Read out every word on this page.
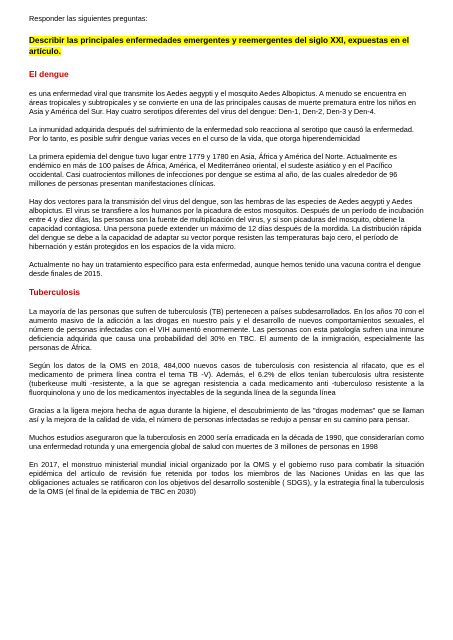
Responder las siguientes preguntas:

Describir las principales enfermedades emergentes y reemergentes del siglo XXI, expuestas en el artículo.

El dengue

es una enfermedad viral que transmite los Aedes aegypti y el mosquito Aedes Albopictus. A menudo se encuentra en áreas tropicales y subtropicales y se convierte en una de las principales causas de muerte prematura entre los niños en Asia y América del Sur. Hay cuatro serotipos diferentes del virus del dengue: Den-1, Den-2, Den-3 y Den-4.

La inmunidad adquirida después del sufrimiento de la enfermedad solo reacciona al serotipo que causó la enfermedad. Por lo tanto, es posible sufrir dengue varias veces en el curso de la vida, que otorga hiperendemicidad

La primera epidemia del dengue tuvo lugar entre 1779 y 1780 en Asia, África y América del Norte. Actualmente es endémico en más de 100 países de África, América, el Mediterráneo oriental, el sudeste asiático y en el Pacífico occidental. Casi cuatrocientos millones de infecciones por dengue se estima al año, de las cuales alrededor de 96 millones de personas presentan manifestaciones clínicas.

Hay dos vectores para la transmisión del virus del dengue, son las hembras de las especies de Aedes aegypti y Aedes albopictus. El virus se transfiere a los humanos por la picadura de estos mosquitos. Después de un período de incubación entre 4 y diez días, las personas son la fuente de multiplicación del virus, y si son picaduras del mosquito, obtiene la capacidad contagiosa. Una persona puede extender un máximo de 12 días después de la mordida. La distribución rápida del dengue se debe a la capacidad de adaptar su vector porque resisten las temperaturas bajo cero, el período de hibernación y están protegidos en los espacios de la vida micro.

Actualmente no hay un tratamiento específico para esta enfermedad, aunque hemos tenido una vacuna contra el dengue desde finales de 2015.

Tuberculosis

La mayoría de las personas que sufren de tuberculosis (TB) pertenecen a países subdesarrollados. En los años 70 con el aumento masivo de la adicción a las drogas en nuestro país y el desarrollo de nuevos comportamientos sexuales, el número de personas infectadas con el VIH aumentó enormemente. Las personas con esta patología sufren una inmune deficiencia adquirida que causa una probabilidad del 30% en TBC. El aumento de la inmigración, especialmente las personas de África.

Según los datos de la OMS en 2018, 484,000 nuevos casos de tuberculosis con resistencia al rifacato, que es el medicamento de primera línea contra el tema TB -V). Además, el 6.2% de ellos tenían tuberculosis ultra resistente (tuberkeuse multi -resistente, a la que se agregan resistencia a cada medicamento anti -tuberculoso resistente a la fluorquinolona y uno de los medicamentos inyectables de la segunda línea de la segunda línea

Gracias a la ligera mejora hecha de agua durante la higiene, el descubrimiento de las "drogas modernas" que se llaman así y la mejora de la calidad de vida, el número de personas infectadas se redujo a pensar en su camino para pensar.

Muchos estudios aseguraron que la tuberculosis en 2000 sería erradicada en la década de 1990, que considerarían como una enfermedad rotunda y una emergencia global de salud con muertes de 3 millones de personas en 1998

En 2017, el monstruo ministerial mundial inicial organizado por la OMS y el gobierno ruso para combatir la situación epidémica del artículo de revisión fue retenida por todos los miembros de las Naciones Unidas en las que las obligaciones actuales se ratificaron con los objetivos del desarrollo sostenible ( SDGS), y la estrategia final la tuberculosis de la OMS (el final de la epidemia de TBC en 2030)
